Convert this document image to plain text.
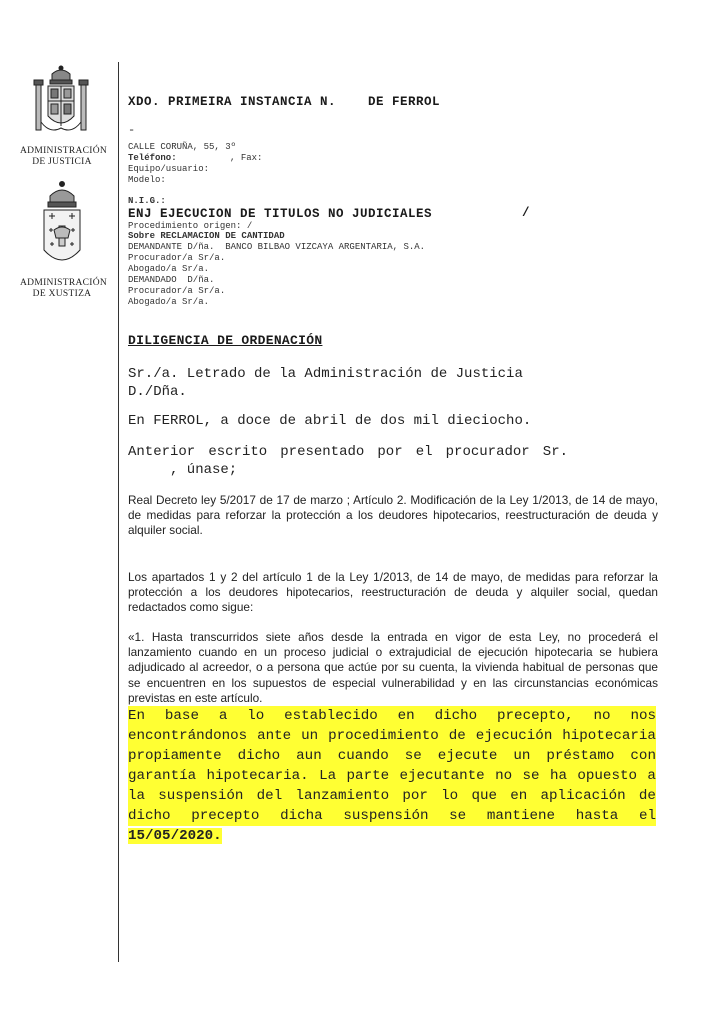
ADMINISTRACIÓN
DE JUSTICIA
ADMINISTRACIÓN
DE XUSTIZA
XDO. PRIMEIRA INSTANCIA N.    DE FERROL
-
CALLE CORUÑA, 55, 3º
Teléfono:	, Fax:
Equipo/usuario:
Modelo:
N.I.G.:
ENJ EJECUCION DE TITULOS NO JUDICIALES	/
Procedimiento origen: /
Sobre RECLAMACION DE CANTIDAD
DEMANDANTE D/ña.  BANCO BILBAO VIZCAYA ARGENTARIA, S.A.
Procurador/a Sr/a.
Abogado/a Sr/a.
DEMANDADO  D/ña.
Procurador/a Sr/a.
Abogado/a Sr/a.
DILIGENCIA DE ORDENACIÓN
Sr./a. Letrado de la Administración de Justicia
D./Dña.
En FERROL, a doce de abril de dos mil dieciocho.
Anterior escrito presentado por el procurador Sr.
, únase;
Real Decreto ley 5/2017 de 17 de marzo ; Artículo 2. Modificación de la Ley 1/2013, de 14 de mayo, de medidas para reforzar la protección a los deudores hipotecarios, reestructuración de deuda y alquiler social.
Los apartados 1 y 2 del artículo 1 de la Ley 1/2013, de 14 de mayo, de medidas para reforzar la protección a los deudores hipotecarios, reestructuración de deuda y alquiler social, quedan redactados como sigue:
«1. Hasta transcurridos siete años desde la entrada en vigor de esta Ley, no procederá el lanzamiento cuando en un proceso judicial o extrajudicial de ejecución hipotecaria se hubiera adjudicado al acreedor, o a persona que actúe por su cuenta, la vivienda habitual de personas que se encuentren en los supuestos de especial vulnerabilidad y en las circunstancias económicas previstas en este artículo.
En base a lo establecido en dicho precepto, no nos
encontrándonos ante un procedimiento de ejecución hipotecaria
propiamente dicho aun cuando se ejecute un préstamo con
garantía hipotecaria. La parte ejecutante no se ha opuesto a
la suspensión del lanzamiento por lo que en aplicación de
dicho precepto dicha suspensión se mantiene hasta el
15/05/2020.
